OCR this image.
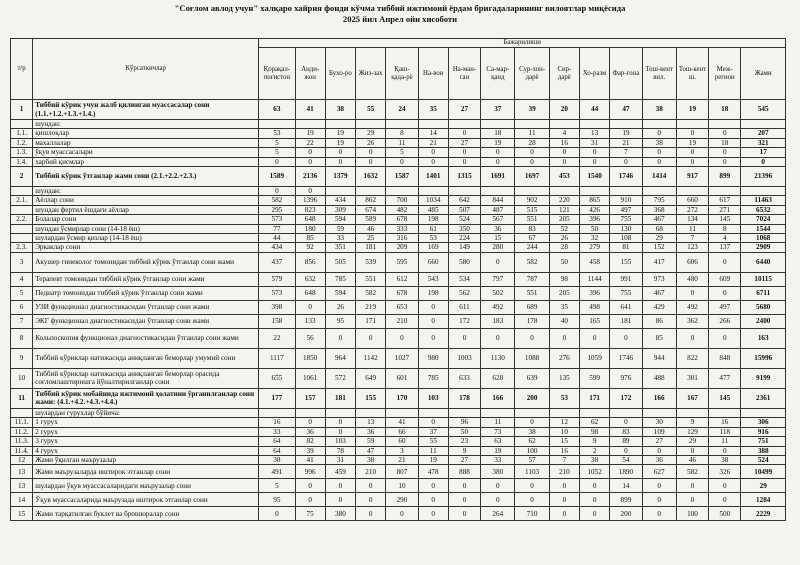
"Соғлом авлод учун" халқаро хайрия фонди кўчма тиббий ижтимоий ёрдам бригадаларининг вилоятлар миқёсида
2025 йил Апрел ойи хисоботи
т/р	Кўрсаткичлар	Бажарилиши															
		Қорақал-поғистон	Анди-жон	Бухо-ро	Жиз-зах	Қаш-қада-рё	На-вои	На-ман-ган	Са-мар-қанд	Сур-хон-дарё	Сир-дарё	Хо-разм	Фар-ғона	Тош-кент вил.	Тош-кент ш.	Меж-регион	Жами
1	Тиббий кўрик учун жалб қилинган муассасалар сони (1.1.+1.2.+1.3.+1.4.)	63	41	38	55	24	35	27	37	39	20	44	47	38	19	18	545
	шундан:																
1.1.	қишлоқлар	53	19	19	29	8	14	0	18	11	4	13	19	0	0	0	207
1.2.	махаллалар	5	22	19	26	11	21	27	19	28	16	31	21	38	19	18	321
1.3.	ўқув муассасалари	5	0	0	0	5	0	0	0	0	0	0	7	0	0	0	17
1.4.	харбий қисмлар	0	0	0	0	0	0	0	0	0	0	0	0	0	0	0	0
2	Тиббий кўрик ўтганлар жами сони (2.1.+2.2.+2.3.)	1589	2136	1379	1632	1587	1401	1315	1691	1697	453	1540	1746	1414	917	899	21396
	шундан:	0	0														
2.1.	Аёллар сони	582	1396	434	862	700	1034	642	844	902	220	865	910	795	660	617	11463
	шундан фертил ёшдаги аёллар	295	823	309	674	482	485	507	487	515	121	426	497	368	272	271	6532
2.2.	Болалар сони	573	648	594	589	678	198	524	567	551	205	396	755	467	134	145	7024
	шундан ўсмирлар сони (14-18 ёш)	77	180	59	46	333	61	350	36	83	52	50	130	68	11	8	1544
	шулардан ўсмир қизлар (14-18 ёш)	44	85	33	25	316	53	224	15	67	26	32	108	29	7	4	1068
2.3.	Эркаклар сони	434	92	351	181	209	169	149	280	244	28	279	81	152	123	137	2909
3	Акушер гинеколог томонидан тиббий кўрик ўтганлар сони жами	437	856	505	539	595	660	580	0	582	50	458	155	417	606	0	6440
4	Терапевт томонидан тиббий кўрик ўтганлар сони жами	579	632	785	551	612	543	534	797	787	98	1144	991	973	480	609	10115
5	Педиатр томонидан тиббий кўрик ўтганлар сони жами	573	648	594	582	678	198	562	502	551	205	396	755	467	0	0	6711
6	УЗИ функционал диагностикасидан ўтганлар сони жами	398	0	26	219	653	0	611	492	689	35	498	641	429	492	497	5680
7	ЭКГ функционал диагностикасидан ўтганлар сони жами	158	133	95	171	210	0	172	183	178	40	165	181	86	362	266	2400
8	Кольпоскопия функционал диагностикасидан ўтганлар сони жами	22	56	0	0	0	0	0	0	0	0	0	0	85	0	0	163
9	Тиббий кўриклар натижасида аниқланган беморлар умумий сони	1117	1850	964	1142	1027	980	1003	1130	1088	276	1059	1746	944	822	848	15996
10	Тиббий кўриклар натижасида аниқланган беморлар орасида соғломлаштиришга йўналтирилганлар сони	655	1061	572	649	601	785	633	628	639	135	599	976	488	301	477	9199
11	Тиббий кўрик мобайнида ижтимоий ҳолатини ўрганилганлар сони жами: (4.1.+4.2.+4.3.+4.4.)	177	157	181	155	170	103	178	166	200	53	171	172	166	167	145	2361
	шулардан гурухлар бўйича:																
11.1.	1 гурух	16	0	0	13	41	0	96	11	0	12	62	0	30	9	16	306
11.2.	2 гурух	33	36	0	36	66	37	50	73	38	10	98	83	109	129	118	916
11.3.	3 гурух	64	82	103	59	60	55	23	63	62	15	9	89	27	29	11	751
11.4.	4 гурух	64	39	78	47	3	11	9	19	100	16	2	0	0	0	0	388
12	Жами ўқилган маърузалар	38	41	31	38	21	19	27	33	57	7	38	54	36	46	38	524
13	Жами маърузаларда иштирок этганлар сони	491	996	459	210	807	478	888	380	1103	210	1052	1890	627	582	326	10499
13	шулардан ўқув муассасаларидаги маърузалар сони	5	0	0	0	10	0	0	0	0	0	0	14	0	0	0	29
14	Ўқув муассасаларида маърузада иштирок этганлар сони	95	0	0	0	290	0	0	0	0	0	0	899	0	0	0	1284
15	Жами тарқатилган буклет ва брошюралар сони	0	75	380	0	0	0	0	264	710	0	0	200	0	100	500	2229
